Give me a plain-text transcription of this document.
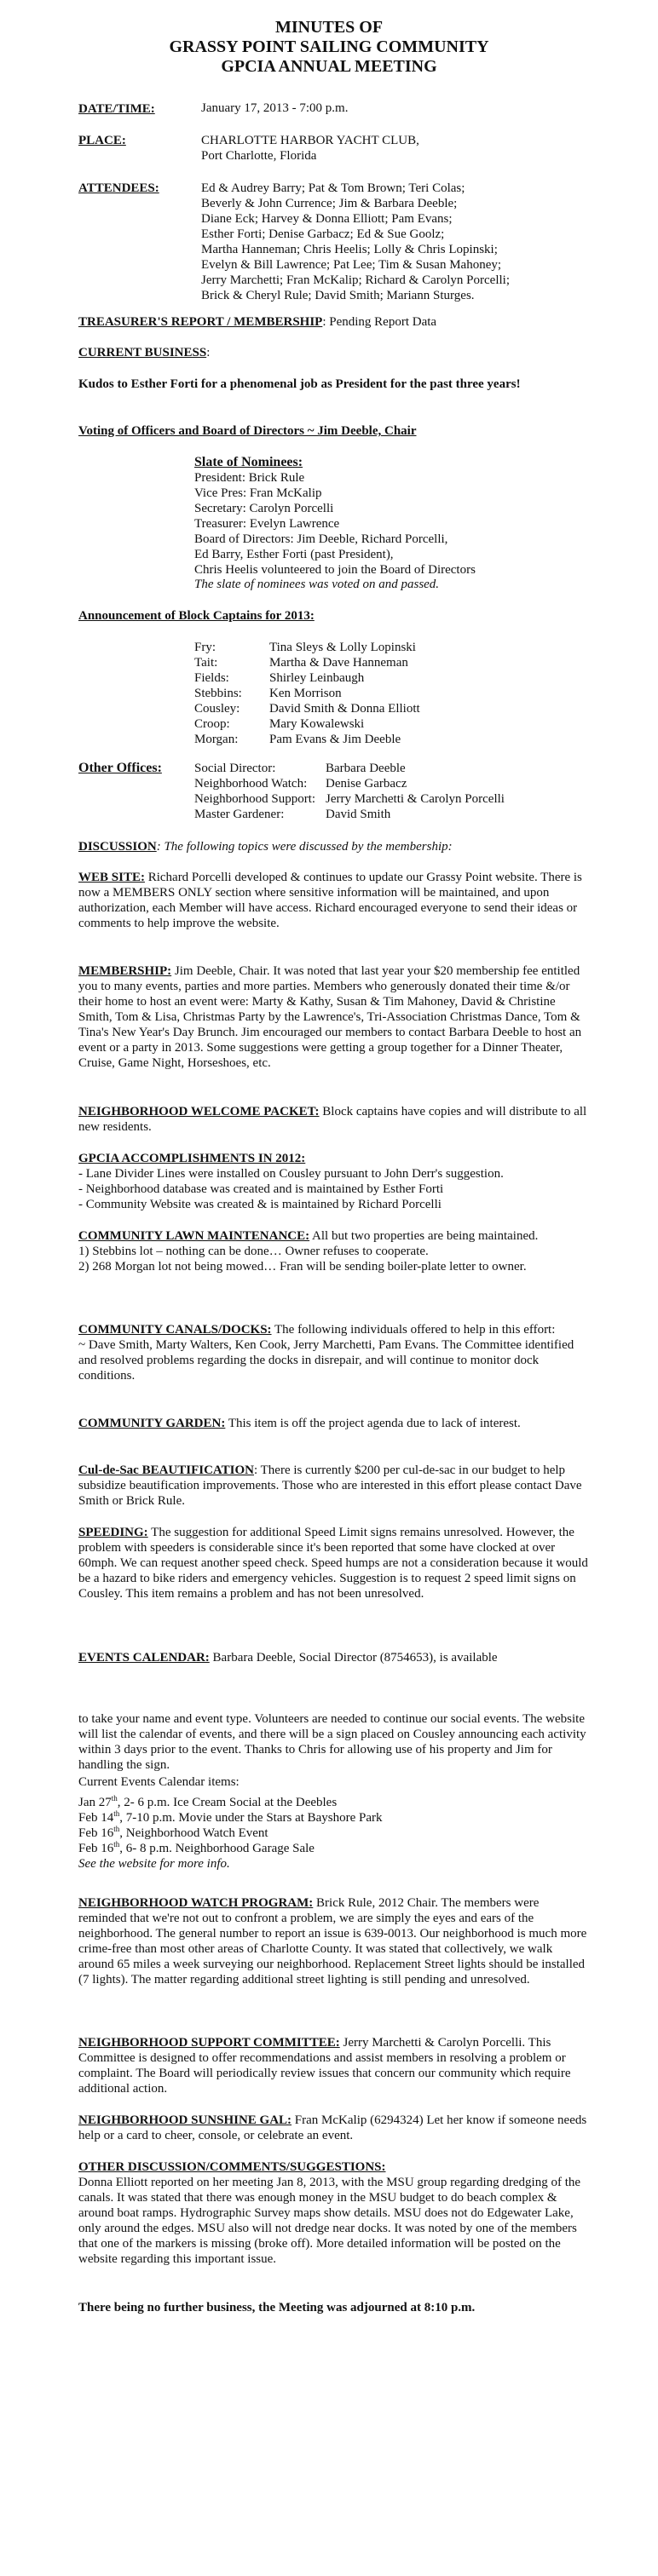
MINUTES OF
GRASSY POINT SAILING COMMUNITY
GPCIA ANNUAL MEETING
DATE/TIME:	January 17, 2013 - 7:00 p.m.
PLACE:	CHARLOTTE HARBOR YACHT CLUB,
Port Charlotte, Florida
ATTENDEES:	Ed & Audrey Barry; Pat & Tom Brown; Teri Colas;
Beverly & John Currence; Jim & Barbara Deeble;
Diane Eck; Harvey & Donna Elliott; Pam Evans;
Esther Forti; Denise Garbacz; Ed & Sue Goolz;
Martha Hanneman; Chris Heelis; Lolly & Chris Lopinski;
Evelyn & Bill Lawrence; Pat Lee; Tim & Susan Mahoney;
Jerry Marchetti; Fran McKalip; Richard & Carolyn Porcelli;
Brick & Cheryl Rule; David Smith; Mariann Sturges.
TREASURER'S REPORT / MEMBERSHIP: Pending Report Data
CURRENT BUSINESS:
Kudos to Esther Forti for a phenomenal job as President for the past three years!
Voting of Officers and Board of Directors ~ Jim Deeble, Chair
Slate of Nominees:
President: Brick Rule
Vice Pres: Fran McKalip
Secretary: Carolyn Porcelli
Treasurer: Evelyn Lawrence
Board of Directors: Jim Deeble, Richard Porcelli,
Ed Barry, Esther Forti (past President),
Chris Heelis volunteered to join the Board of Directors
The slate of nominees was voted on and passed.
Announcement of Block Captains for 2013:
Fry:	Tina Sleys & Lolly Lopinski
Tait:	Martha & Dave Hanneman
Fields:	Shirley Leinbaugh
Stebbins:	Ken Morrison
Cousley:	David Smith & Donna Elliott
Croop:	Mary Kowalewski
Morgan:	Pam Evans & Jim Deeble
Other Offices:	Social Director:	Barbara Deeble
Neighborhood Watch:	Denise Garbacz
Neighborhood Support: Jerry Marchetti & Carolyn Porcelli
Master Gardener:	David Smith
DISCUSSION: The following topics were discussed by the membership:

WEB SITE: Richard Porcelli developed & continues to update our Grassy Point website. There is now a MEMBERS ONLY section where sensitive information will be maintained, and upon authorization, each Member will have access. Richard encouraged everyone to send their ideas or comments to help improve the website.

MEMBERSHIP: Jim Deeble, Chair. It was noted that last year your $20 membership fee entitled you to many events, parties and more parties. Members who generously donated their time &/or their home to host an event were: Marty & Kathy, Susan & Tim Mahoney, David & Christine Smith, Tom & Lisa, Christmas Party by the Lawrence's, Tri-Association Christmas Dance, Tom & Tina's New Year's Day Brunch. Jim encouraged our members to contact Barbara Deeble to host an event or a party in 2013. Some suggestions were getting a group together for a Dinner Theater, Cruise, Game Night, Horseshoes, etc.

NEIGHBORHOOD WELCOME PACKET: Block captains have copies and will distribute to all new residents.

GPCIA ACCOMPLISHMENTS IN 2012:
- Lane Divider Lines were installed on Cousley pursuant to John Derr's suggestion.
- Neighborhood database was created and is maintained by Esther Forti
- Community Website was created & is maintained by Richard Porcelli

COMMUNITY LAWN MAINTENANCE: All but two properties are being maintained.

1) Stebbins lot – nothing can be done… Owner refuses to cooperate.

2) 268 Morgan lot not being mowed… Fran will be sending boiler-plate letter to owner.

COMMUNITY CANALS/DOCKS: The following individuals offered to help in this effort:

~ Dave Smith, Marty Walters, Ken Cook, Jerry Marchetti, Pam Evans. The Committee identified and resolved problems regarding the docks in disrepair, and will continue to monitor dock conditions.

COMMUNITY GARDEN: This item is off the project agenda due to lack of interest.

Cul-de-Sac BEAUTIFICATION: There is currently $200 per cul-de-sac in our budget to help subsidize beautification improvements. Those who are interested in this effort please contact Dave Smith or Brick Rule.

SPEEDING: The suggestion for additional Speed Limit signs remains unresolved. However, the problem with speeders is considerable since it's been reported that some have clocked at over 60mph. We can request another speed check. Speed humps are not a consideration because it would be a hazard to bike riders and emergency vehicles. Suggestion is to request 2 speed limit signs on Cousley. This item remains a problem and has not been unresolved.

EVENTS CALENDAR: Barbara Deeble, Social Director (8754653), is available

to take your name and event type. Volunteers are needed to continue our social events. The website will list the calendar of events, and there will be a sign placed on Cousley announcing each activity within 3 days prior to the event. Thanks to Chris for allowing use of his property and Jim for handling the sign.

Current Events Calendar items:

Jan 27th, 2- 6 p.m. Ice Cream Social at the Deebles
Feb 14th, 7-10 p.m. Movie under the Stars at Bayshore Park
Feb 16th, Neighborhood Watch Event
Feb 16th, 6- 8 p.m. Neighborhood Garage Sale

See the website for more info.

NEIGHBORHOOD WATCH PROGRAM: Brick Rule, 2012 Chair. The members were reminded that we're not out to confront a problem, we are simply the eyes and ears of the neighborhood. The general number to report an issue is 639-0013. Our neighborhood is much more crime-free than most other areas of Charlotte County. It was stated that collectively, we walk around 65 miles a week surveying our neighborhood. Replacement Street lights should be installed (7 lights). The matter regarding additional street lighting is still pending and unresolved.

NEIGHBORHOOD SUPPORT COMMITTEE: Jerry Marchetti & Carolyn Porcelli. This Committee is designed to offer recommendations and assist members in resolving a problem or complaint. The Board will periodically review issues that concern our community which require additional action.

NEIGHBORHOOD SUNSHINE GAL: Fran McKalip (6294324) Let her know if someone needs help or a card to cheer, console, or celebrate an event.

OTHER DISCUSSION/COMMENTS/SUGGESTIONS:

Donna Elliott reported on her meeting Jan 8, 2013, with the MSU group regarding dredging of the canals. It was stated that there was enough money in the MSU budget to do beach complex & around boat ramps. Hydrographic Survey maps show details. MSU does not do Edgewater Lake, only around the edges. MSU also will not dredge near docks. It was noted by one of the members that one of the markers is missing (broke off). More detailed information will be posted on the website regarding this important issue.

There being no further business, the Meeting was adjourned at 8:10 p.m.
